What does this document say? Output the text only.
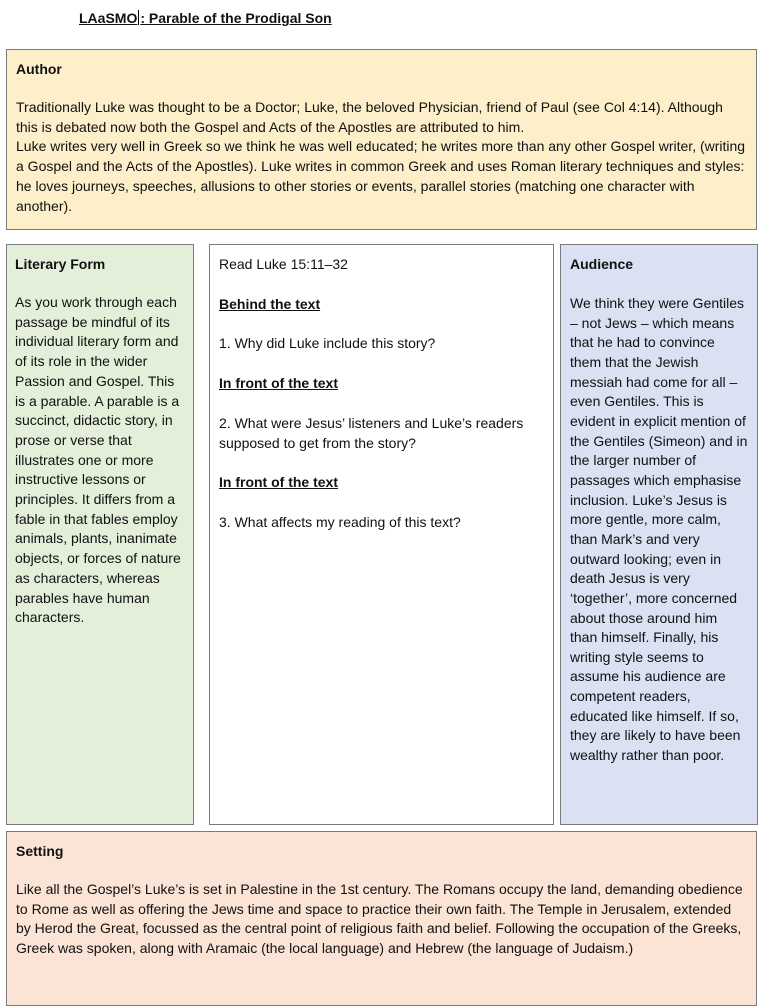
LAaSMO : Parable of the Prodigal Son
Author

Traditionally Luke was thought to be a Doctor; Luke, the beloved Physician, friend of Paul (see Col 4:14). Although this is debated now both the Gospel and Acts of the Apostles are attributed to him.

Luke writes very well in Greek so we think he was well educated; he writes more than any other Gospel writer, (writing a Gospel and the Acts of the Apostles). Luke writes in common Greek and uses Roman literary techniques and styles: he loves journeys, speeches, allusions to other stories or events, parallel stories (matching one character with another).

Literary Form

As you work through each passage be mindful of its individual literary form and of its role in the wider Passion and Gospel. This is a parable. A parable is a succinct, didactic story, in prose or verse that illustrates one or more instructive lessons or principles. It differs from a fable in that fables employ animals, plants, inanimate objects, or forces of nature as characters, whereas parables have human characters.

Read Luke 15:11–32

Behind the text

1. Why did Luke include this story?

In front of the text

2. What were Jesus’ listeners and Luke’s readers supposed to get from the story?

In front of the text

3. What affects my reading of this text?

Audience

We think they were Gentiles – not Jews – which means that he had to convince them that the Jewish messiah had come for all – even Gentiles. This is evident in explicit mention of the Gentiles (Simeon) and in the larger number of passages which emphasise inclusion. Luke’s Jesus is more gentle, more calm, than Mark’s and very outward looking; even in death Jesus is very ‘together’, more concerned about those around him than himself. Finally, his writing style seems to assume his audience are competent readers, educated like himself. If so, they are likely to have been wealthy rather than poor.

Setting

Like all the Gospel’s Luke’s is set in Palestine in the 1st century. The Romans occupy the land, demanding obedience to Rome as well as offering the Jews time and space to practice their own faith. The Temple in Jerusalem, extended by Herod the Great, focussed as the central point of religious faith and belief. Following the occupation of the Greeks, Greek was spoken, along with Aramaic (the local language) and Hebrew (the language of Judaism.)
